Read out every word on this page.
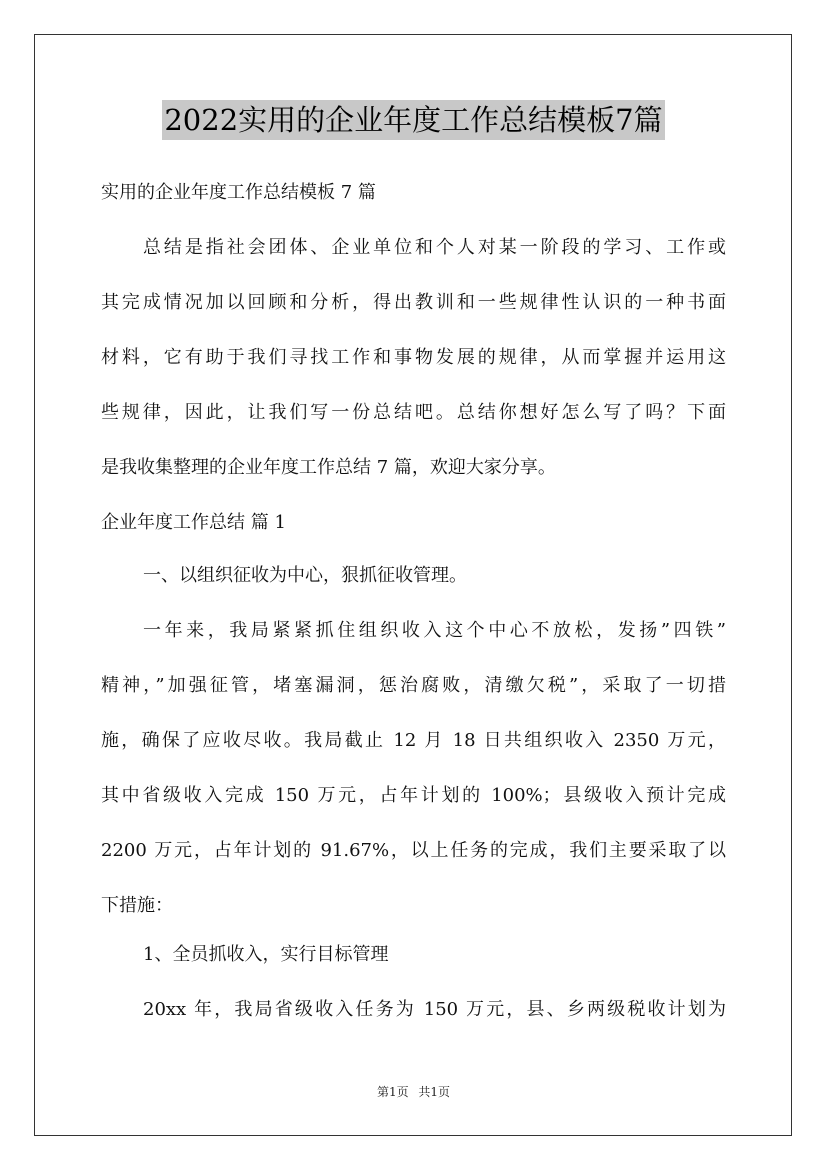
2022实用的企业年度工作总结模板7篇
实用的企业年度工作总结模板 7 篇
总结是指社会团体、企业单位和个人对某一阶段的学习、工作或
其完成情况加以回顾和分析，得出教训和一些规律性认识的一种书面
材料，它有助于我们寻找工作和事物发展的规律，从而掌握并运用这
些规律，因此，让我们写一份总结吧。总结你想好怎么写了吗？下面
是我收集整理的企业年度工作总结 7 篇，欢迎大家分享。
企业年度工作总结 篇 1
一、以组织征收为中心，狠抓征收管理。
一年来，我局紧紧抓住组织收入这个中心不放松，发扬”四铁”
精神，”加强征管，堵塞漏洞，惩治腐败，清缴欠税”，采取了一切措
施，确保了应收尽收。我局截止 12 月 18 日共组织收入 2350 万元，
其中省级收入完成 150 万元，占年计划的 100%；县级收入预计完成
2200 万元，占年计划的 91.67%，以上任务的完成，我们主要采取了以
下措施：
1、全员抓收入，实行目标管理
20xx 年，我局省级收入任务为 150 万元，县、乡两级税收计划为
第1页 共1页
